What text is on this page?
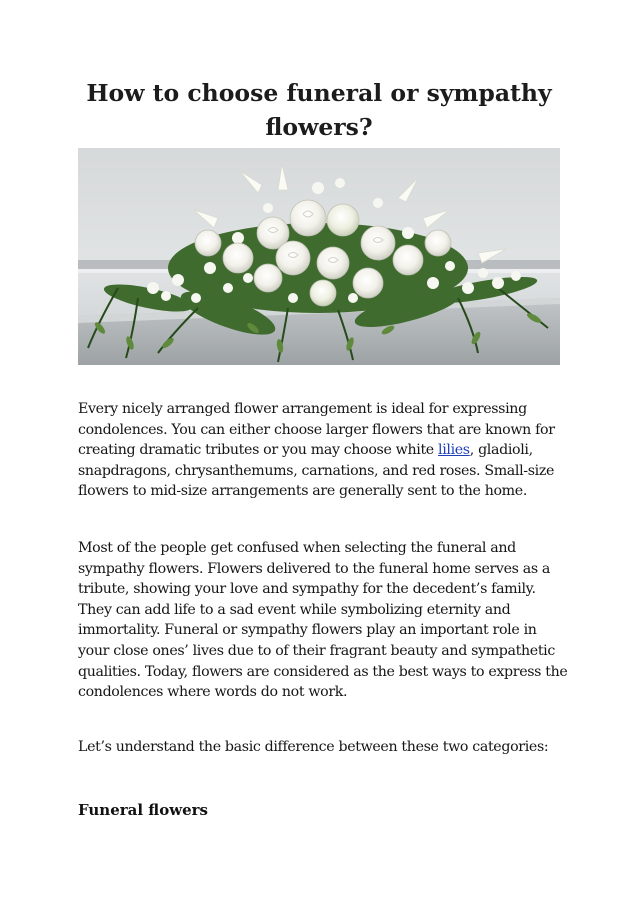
How to choose funeral or sympathy flowers?

Every nicely arranged flower arrangement is ideal for expressing condolences. You can either choose larger flowers that are known for creating dramatic tributes or you may choose white lilies, gladioli, snapdragons, chrysanthemums, carnations, and red roses. Small-size flowers to mid-size arrangements are generally sent to the home.

Most of the people get confused when selecting the funeral and sympathy flowers. Flowers delivered to the funeral home serves as a tribute, showing your love and sympathy for the decedent’s family. They can add life to a sad event while symbolizing eternity and immortality. Funeral or sympathy flowers play an important role in your close ones’ lives due to of their fragrant beauty and sympathetic qualities. Today, flowers are considered as the best ways to express the condolences where words do not work.

Let’s understand the basic difference between these two categories:

Funeral flowers
